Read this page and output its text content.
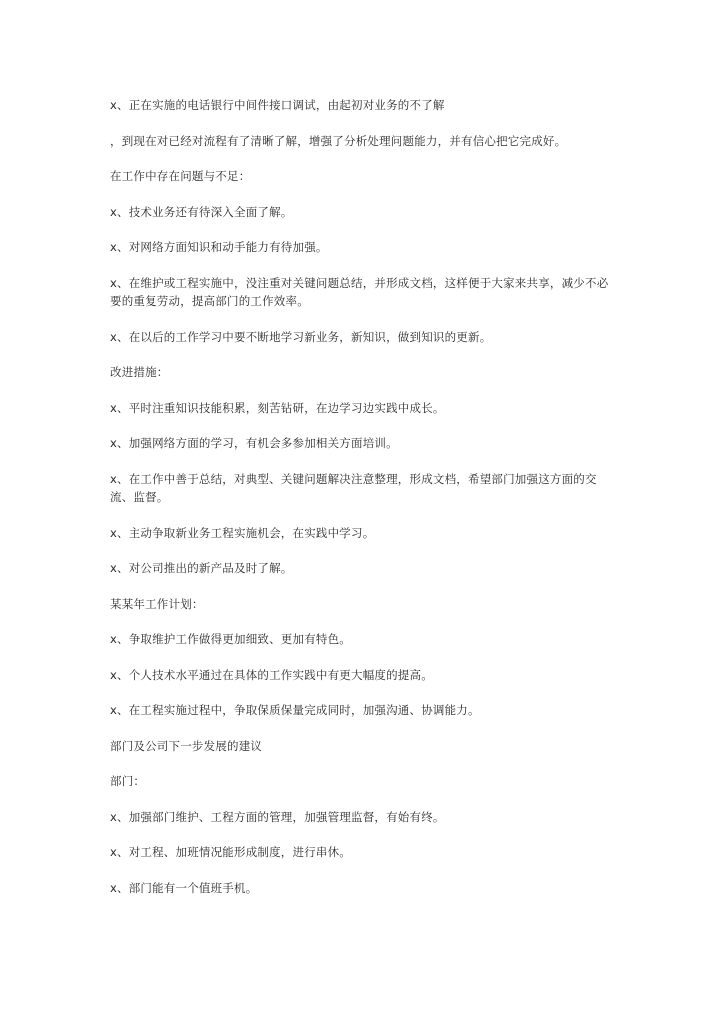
x、正在实施的电话银行中间件接口调试，由起初对业务的不了解

，到现在对已经对流程有了清晰了解，增强了分析处理问题能力，并有信心把它完成好。

在工作中存在问题与不足：

x、技术业务还有待深入全面了解。

x、对网络方面知识和动手能力有待加强。

x、在维护或工程实施中，没注重对关键问题总结，并形成文档，这样便于大家来共享，减少不必要的重复劳动，提高部门的工作效率。

x、在以后的工作学习中要不断地学习新业务，新知识，做到知识的更新。

改进措施：

x、平时注重知识技能积累，刻苦钻研，在边学习边实践中成长。

x、加强网络方面的学习，有机会多参加相关方面培训。

x、在工作中善于总结，对典型、关键问题解决注意整理，形成文档，希望部门加强这方面的交流、监督。

x、主动争取新业务工程实施机会，在实践中学习。

x、对公司推出的新产品及时了解。

某某年工作计划：

x、争取维护工作做得更加细致、更加有特色。

x、个人技术水平通过在具体的工作实践中有更大幅度的提高。

x、在工程实施过程中，争取保质保量完成同时，加强沟通、协调能力。

部门及公司下一步发展的建议

部门：

x、加强部门维护、工程方面的管理，加强管理监督，有始有终。

x、对工程、加班情况能形成制度，进行串休。

x、部门能有一个值班手机。
